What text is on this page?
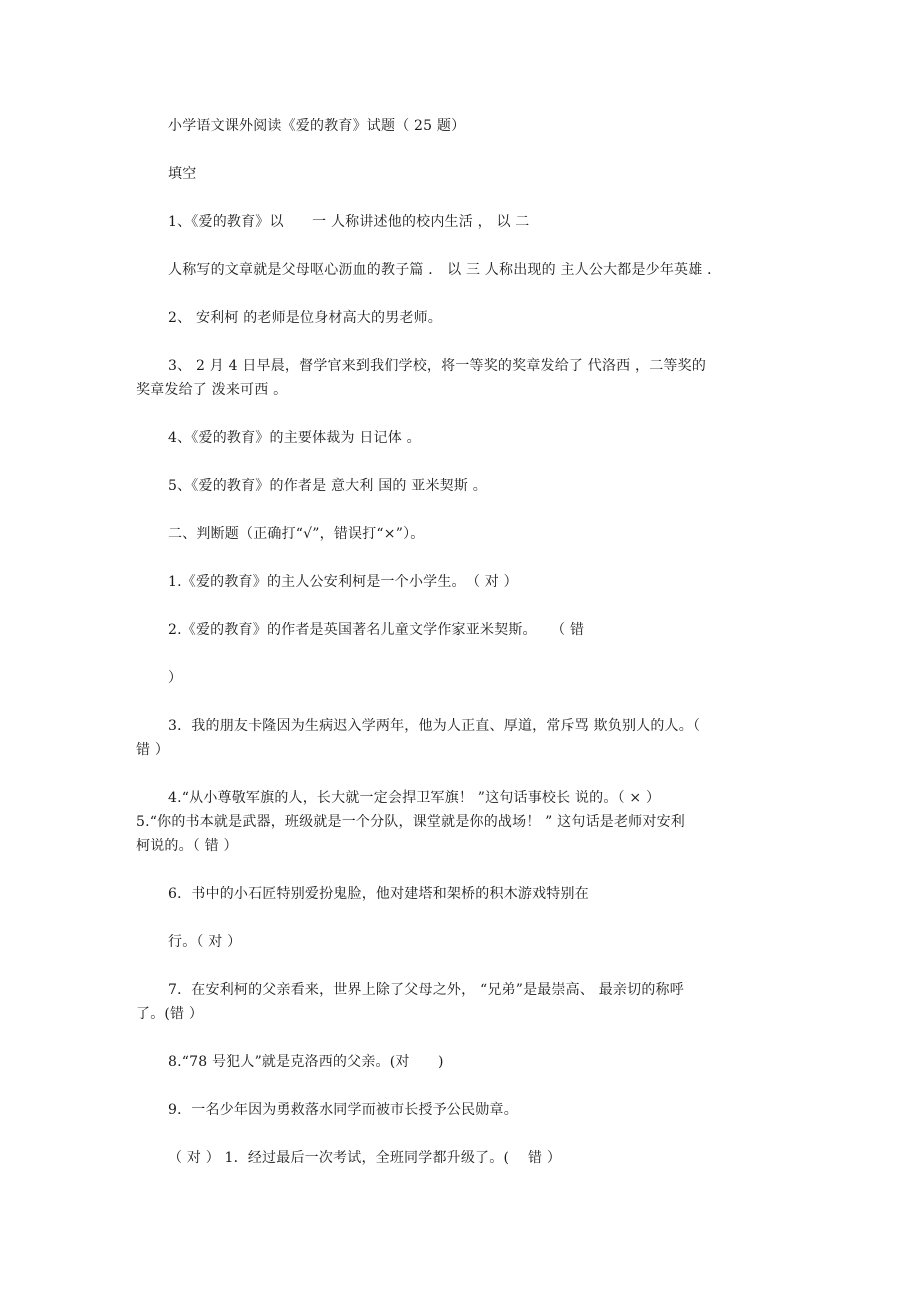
小学语文课外阅读《爱的教育》试题（ 25 题）
填空
1、《爱的教育》以　　一 人称讲述他的校内生活 ， 以 二
人称写的文章就是父母呕心沥血的教子篇 ． 以 三 人称出现的 主人公大都是少年英雄 ．
2、 安利柯 的老师是位身材高大的男老师。
3、 2 月 4 日早晨，督学官来到我们学校，将一等奖的奖章发给了 代洛西 ，二等奖的
奖章发给了 泼来可西 。
4、《爱的教育》的主要体裁为 日记体 。
5、《爱的教育》的作者是 意大利 国的 亚米契斯 。
二、判断题（正确打“√”，错误打“×”）。
1.《爱的教育》的主人公安利柯是一个小学生。　（ 对 ）
2.《爱的教育》的作者是英国著名儿童文学作家亚米契斯。　　（ 错
）
3．我的朋友卡隆因为生病迟入学两年，他为人正直、厚道，常斥骂 欺负别人的人。（
错 ）
4.“从小尊敬军旗的人，长大就一定会捍卫军旗！ ”这句话事校长 说的。（ × ）
5.“你的书本就是武器，班级就是一个分队，课堂就是你的战场！ ” 这句话是老师对安利
柯说的。（ 错 ）
6．书中的小石匠特别爱扮鬼脸，他对建塔和架桥的积木游戏特别在
行。（ 对 ）
7．在安利柯的父亲看来，世界上除了父母之外， “兄弟”是最崇高、 最亲切的称呼
了。(错 ）
8.“78 号犯人”就是克洛西的父亲。(对　　)
9．一名少年因为勇救落水同学而被市长授予公民勋章。
（ 对 ） 1．经过最后一次考试，全班同学都升级了。(　 错 ）
